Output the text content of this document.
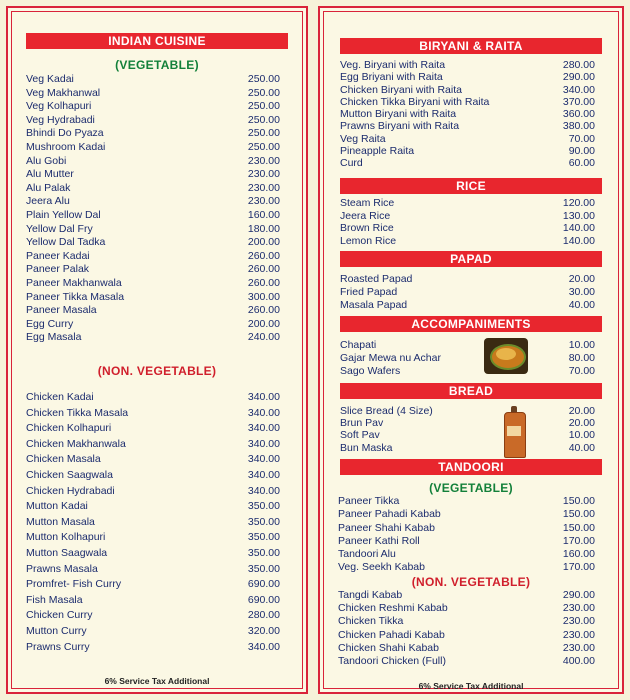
INDIAN CUISINE
(VEGETABLE)
Veg Kadai	250.00
Veg Makhanwal	250.00
Veg Kolhapuri	250.00
Veg Hydrabadi	250.00
Bhindi Do Pyaza	250.00
Mushroom Kadai	250.00
Alu Gobi	230.00
Alu Mutter	230.00
Alu Palak	230.00
Jeera Alu	230.00
Plain Yellow Dal	160.00
Yellow Dal Fry	180.00
Yellow Dal Tadka	200.00
Paneer Kadai	260.00
Paneer Palak	260.00
Paneer Makhanwala	260.00
Paneer Tikka Masala	300.00
Paneer Masala	260.00
Egg Curry	200.00
Egg Masala	240.00
(NON. VEGETABLE)
Chicken Kadai	340.00
Chicken Tikka Masala	340.00
Chicken Kolhapuri	340.00
Chicken Makhanwala	340.00
Chicken Masala	340.00
Chicken Saagwala	340.00
Chicken Hydrabadi	340.00
Mutton Kadai	350.00
Mutton Masala	350.00
Mutton Kolhapuri	350.00
Mutton Saagwala	350.00
Prawns Masala	350.00
Promfret- Fish Curry	690.00
Fish Masala	690.00
Chicken Curry	280.00
Mutton Curry	320.00
Prawns Curry	340.00
6% Service Tax Additional
BIRYANI & RAITA
Veg. Biryani with Raita	280.00
Egg Briyani with Raita	290.00
Chicken Biryani with Raita	340.00
Chicken Tikka Biryani with Raita	370.00
Mutton Biryani with Raita	360.00
Prawns Biryani with Raita	380.00
Veg Raita	70.00
Pineapple Raita	90.00
Curd	60.00
RICE
Steam Rice	120.00
Jeera Rice	130.00
Brown Rice	140.00
Lemon Rice	140.00
PAPAD
Roasted Papad	20.00
Fried Papad	30.00
Masala Papad	40.00
ACCOMPANIMENTS
Chapati	10.00
Gajar Mewa nu Achar	80.00
Sago Wafers	70.00
BREAD
Slice Bread (4 Size)	20.00
Brun Pav	20.00
Soft Pav	10.00
Bun Maska	40.00
TANDOORI
(VEGETABLE)
Paneer Tikka	150.00
Paneer Pahadi Kabab	150.00
Paneer Shahi Kabab	150.00
Paneer Kathi Roll	170.00
Tandoori Alu	160.00
Veg. Seekh Kabab	170.00
(NON. VEGETABLE)
Tangdi Kabab	290.00
Chicken Reshmi Kabab	230.00
Chicken Tikka	230.00
Chicken Pahadi Kabab	230.00
Chicken Shahi Kabab	230.00
Tandoori Chicken (Full)	400.00
6% Service Tax Additional
